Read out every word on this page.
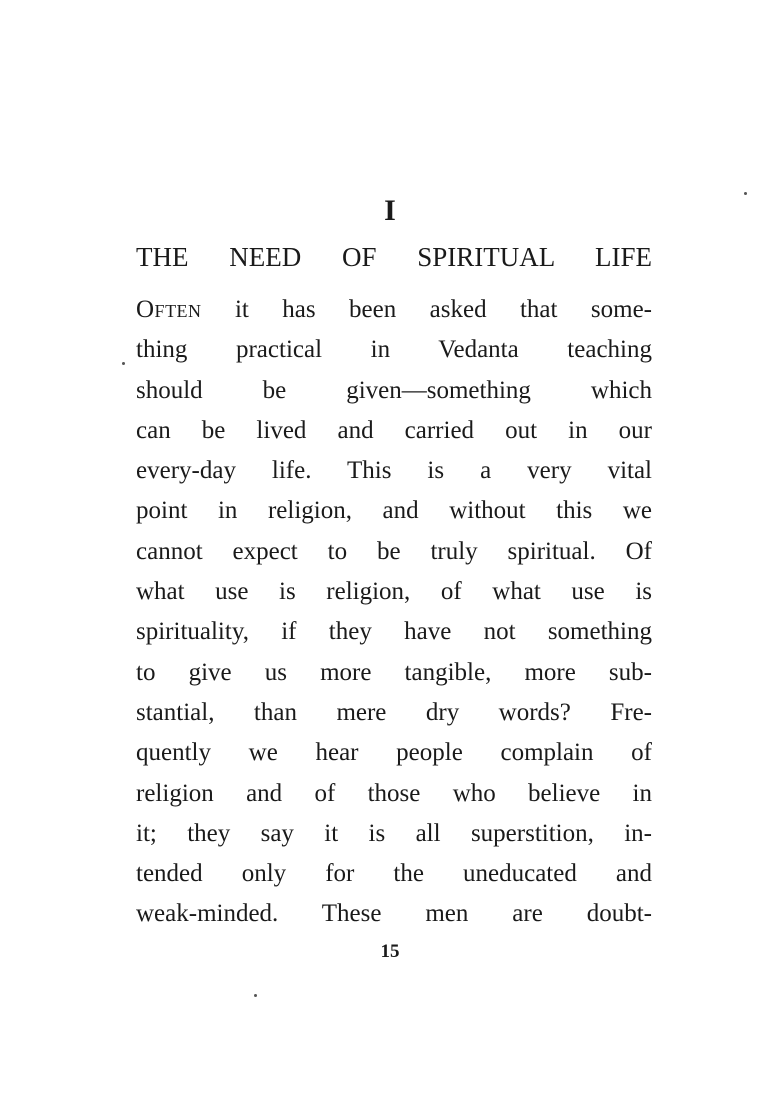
I
THE NEED OF SPIRITUAL LIFE
Often it has been asked that some-
thing practical in Vedanta teaching
should be given—something which
can be lived and carried out in our
every-day life. This is a very vital
point in religion, and without this we
cannot expect to be truly spiritual. Of
what use is religion, of what use is
spirituality, if they have not something
to give us more tangible, more sub-
stantial, than mere dry words? Fre-
quently we hear people complain of
religion and of those who believe in
it; they say it is all superstition, in-
tended only for the uneducated and
weak-minded. These men are doubt-
15
